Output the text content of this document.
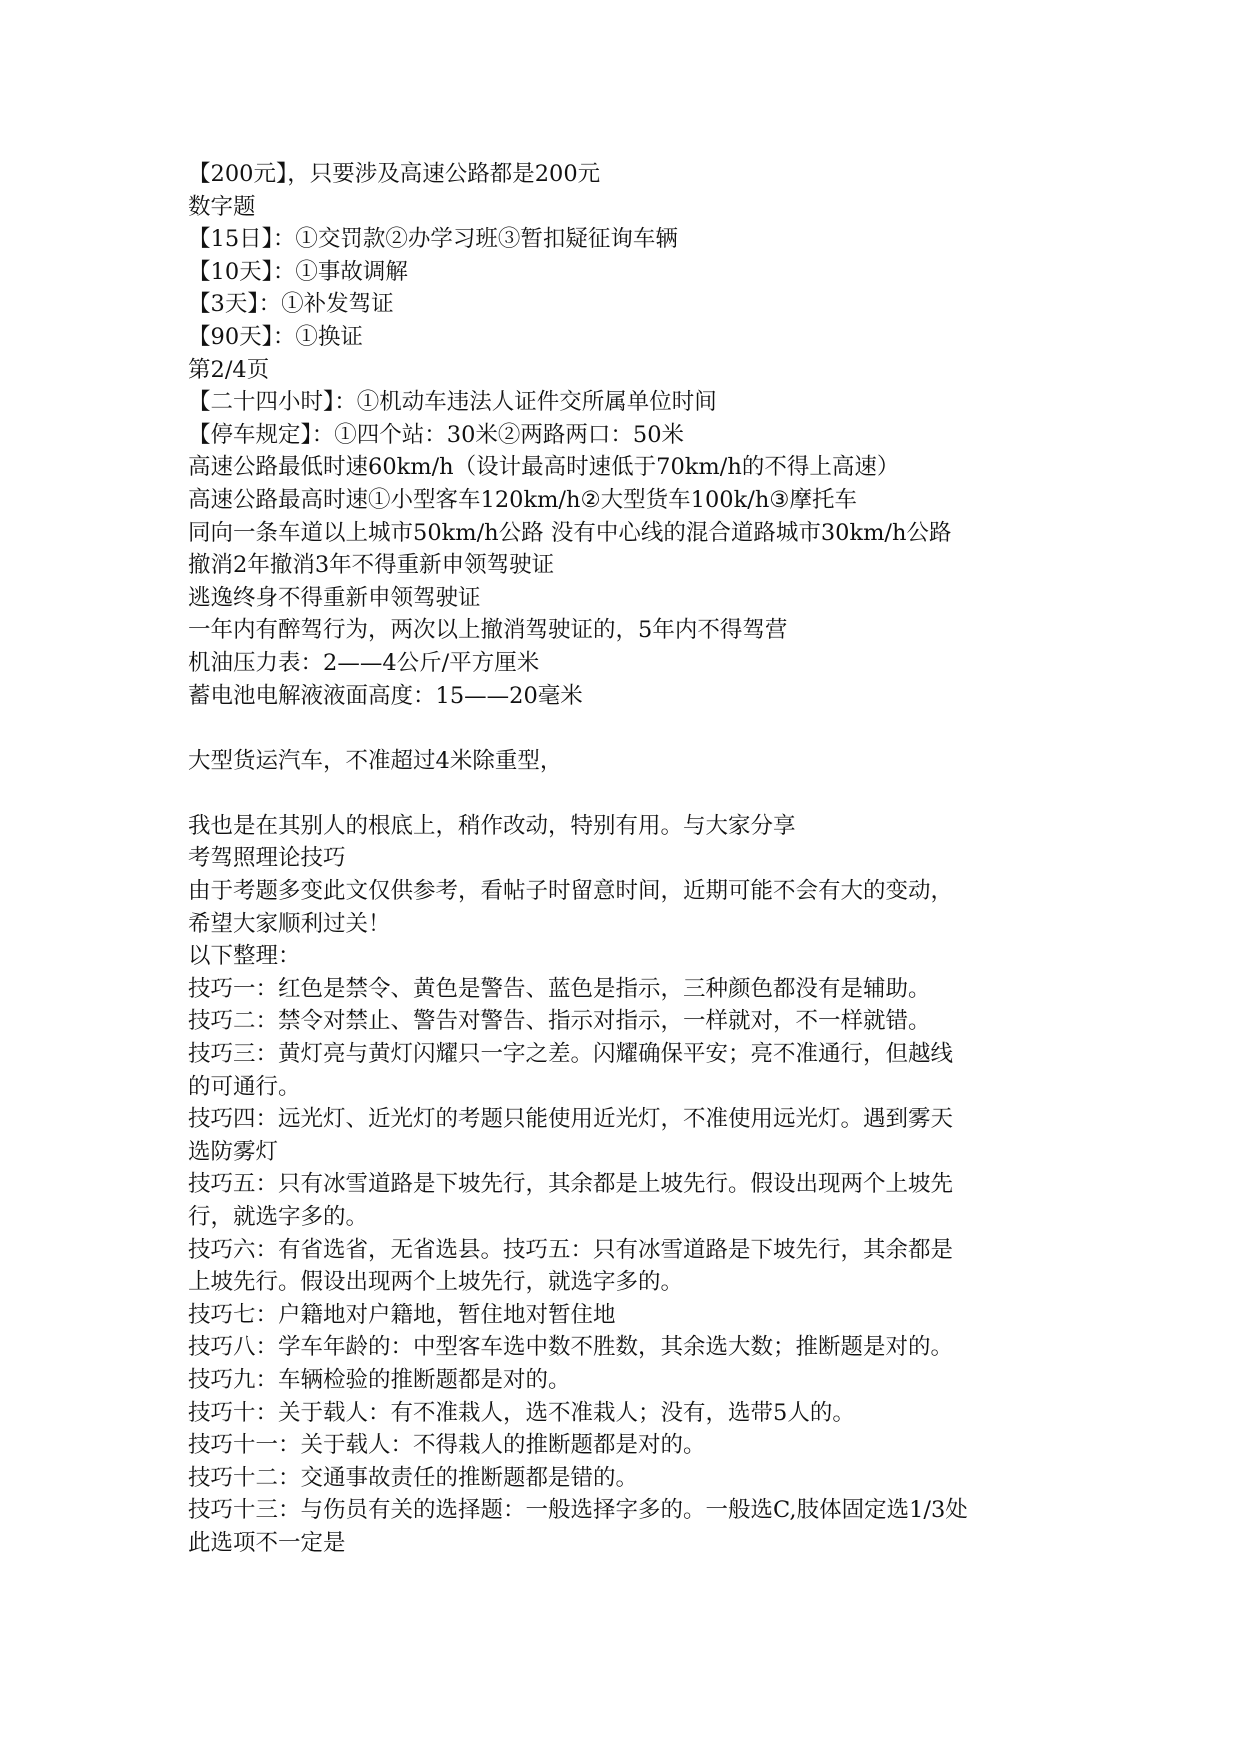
【200元】，只要涉及高速公路都是200元
数字题
【15日】：①交罚款②办学习班③暂扣疑征询车辆
【10天】：①事故调解
【3天】：①补发驾证
【90天】：①换证
第2/4页
【二十四小时】：①机动车违法人证件交所属单位时间
【停车规定】：①四个站：30米②两路两口：50米
高速公路最低时速60km/h（设计最高时速低于70km/h的不得上高速）
高速公路最高时速①小型客车120km/h②大型货车100k/h③摩托车
同向一条车道以上城市50km/h公路 没有中心线的混合道路城市30km/h公路
撤消2年撤消3年不得重新申领驾驶证
逃逸终身不得重新申领驾驶证
一年内有醉驾行为，两次以上撤消驾驶证的，5年内不得驾营
机油压力表：2——4公斤/平方厘米
蓄电池电解液液面高度：15——20毫米
大型货运汽车，不准超过4米除重型，
我也是在其别人的根底上，稍作改动，特别有用。与大家分享
考驾照理论技巧
由于考题多变此文仅供参考，看帖子时留意时间，近期可能不会有大的变动，
希望大家顺利过关！
以下整理：
技巧一：红色是禁令、黄色是警告、蓝色是指示，三种颜色都没有是辅助。
技巧二：禁令对禁止、警告对警告、指示对指示，一样就对，不一样就错。
技巧三：黄灯亮与黄灯闪耀只一字之差。闪耀确保平安；亮不准通行，但越线
的可通行。
技巧四：远光灯、近光灯的考题只能使用近光灯，不准使用远光灯。遇到雾天
选防雾灯
技巧五：只有冰雪道路是下坡先行，其余都是上坡先行。假设出现两个上坡先
行，就选字多的。
技巧六：有省选省，无省选县。技巧五：只有冰雪道路是下坡先行，其余都是
上坡先行。假设出现两个上坡先行，就选字多的。
技巧七：户籍地对户籍地，暂住地对暂住地
技巧八：学车年龄的：中型客车选中数不胜数，其余选大数；推断题是对的。
技巧九：车辆检验的推断题都是对的。
技巧十：关于载人：有不准栽人，选不准栽人；没有，选带5人的。
技巧十一：关于载人：不得栽人的推断题都是对的。
技巧十二：交通事故责任的推断题都是错的。
技巧十三：与伤员有关的选择题：一般选择字多的。一般选C,肢体固定选1/3处
此选项不一定是
